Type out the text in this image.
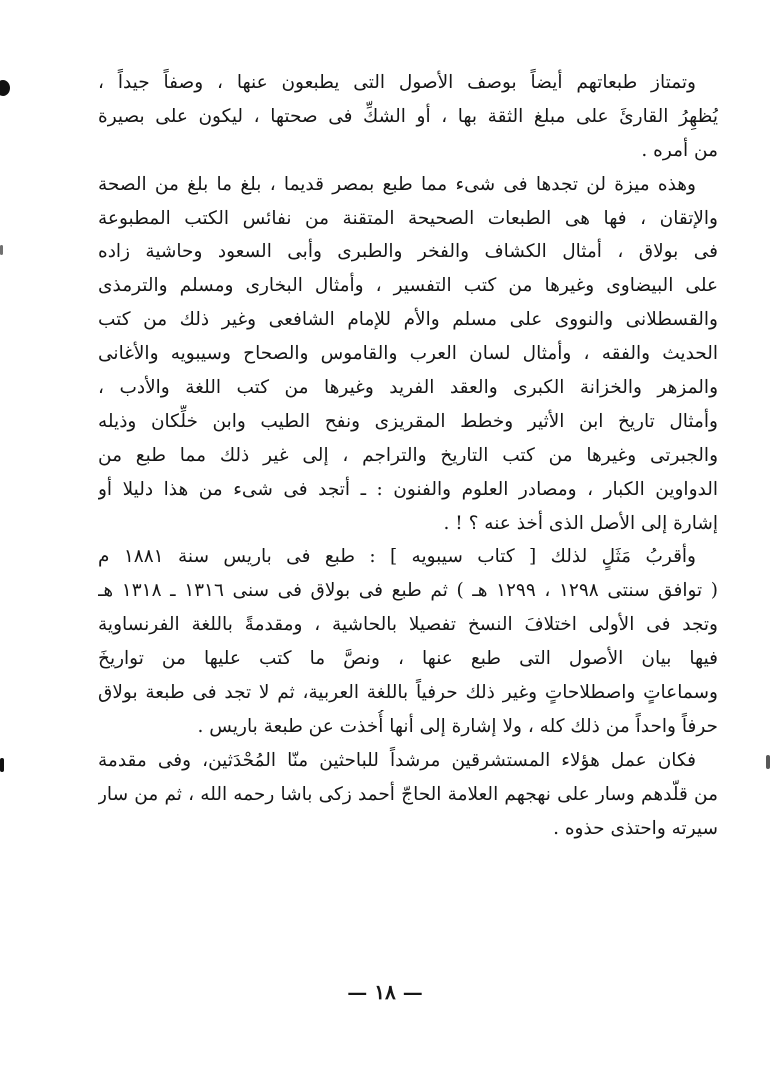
وتمتاز طبعاتهم أيضاً بوصف الأصول التى يطبعون عنها ، وصفاً جيداً ،
يُظهِرُ القارئَ على مبلغ الثقة بها ، أو الشكِّ فى صحتها ، ليكون على بصيرة
من أمره .
وهذه ميزة لن تجدها فى شىء مما طبع بمصر قديما ، بلغ ما بلغ من الصحة
والإتقان ، فها هى الطبعات الصحيحة المتقنة من نفائس الكتب المطبوعة
فى بولاق ، أمثال الكشاف والفخر والطبرى وأبى السعود وحاشية زاده
على البيضاوى وغيرها من كتب التفسير ، وأمثال البخارى ومسلم والترمذى
والقسطلانى والنووى على مسلم والأم للإمام الشافعى وغير ذلك من كتب
الحديث والفقه ، وأمثال لسان العرب والقاموس والصحاح وسيبويه والأغانى
والمزهر والخزانة الكبرى والعقد الفريد وغيرها من كتب اللغة والأدب ،
وأمثال تاريخ ابن الأثير وخطط المقريزى ونفح الطيب وابن خلِّكان وذيله
والجبرتى وغيرها من كتب التاريخ والتراجم ، إلى غير ذلك مما طبع من
الدواوين الكبار ، ومصادر العلوم والفنون : ـ أتجد فى شىء من هذا دليلا أو
إشارة إلى الأصل الذى أخذ عنه ؟ ! .
وأقربُ مَثَلٍ لذلك [ كتاب سيبويه ] : طبع فى باريس سنة ١٨٨١ م
( توافق سنتى ١٢٩٨ ، ١٢٩٩ هـ ) ثم طبع فى بولاق فى سنى ١٣١٦ ـ ١٣١٨ هـ
وتجد فى الأولى اختلافَ النسخ تفصيلا بالحاشية ، ومقدمةً باللغة الفرنساوية
فيها بيان الأصول التى طبع عنها ، ونصَّ ما كتب عليها من تواريخَ
وسماعاتٍ واصطلاحاتٍ وغير ذلك حرفياً باللغة العربية، ثم لا تجد فى طبعة بولاق
حرفاً واحداً من ذلك كله ، ولا إشارة إلى أنها أُخذت عن طبعة باريس .
فكان عمل هؤلاء المستشرقين مرشداً للباحثين منّا المُحْدَثين، وفى مقدمة
من قلّدهم وسار على نهجهم العلامة الحاجّ أحمد زكى باشا رحمه الله ، ثم من سار
سيرته واحتذى حذوه .
— ١٨ —
